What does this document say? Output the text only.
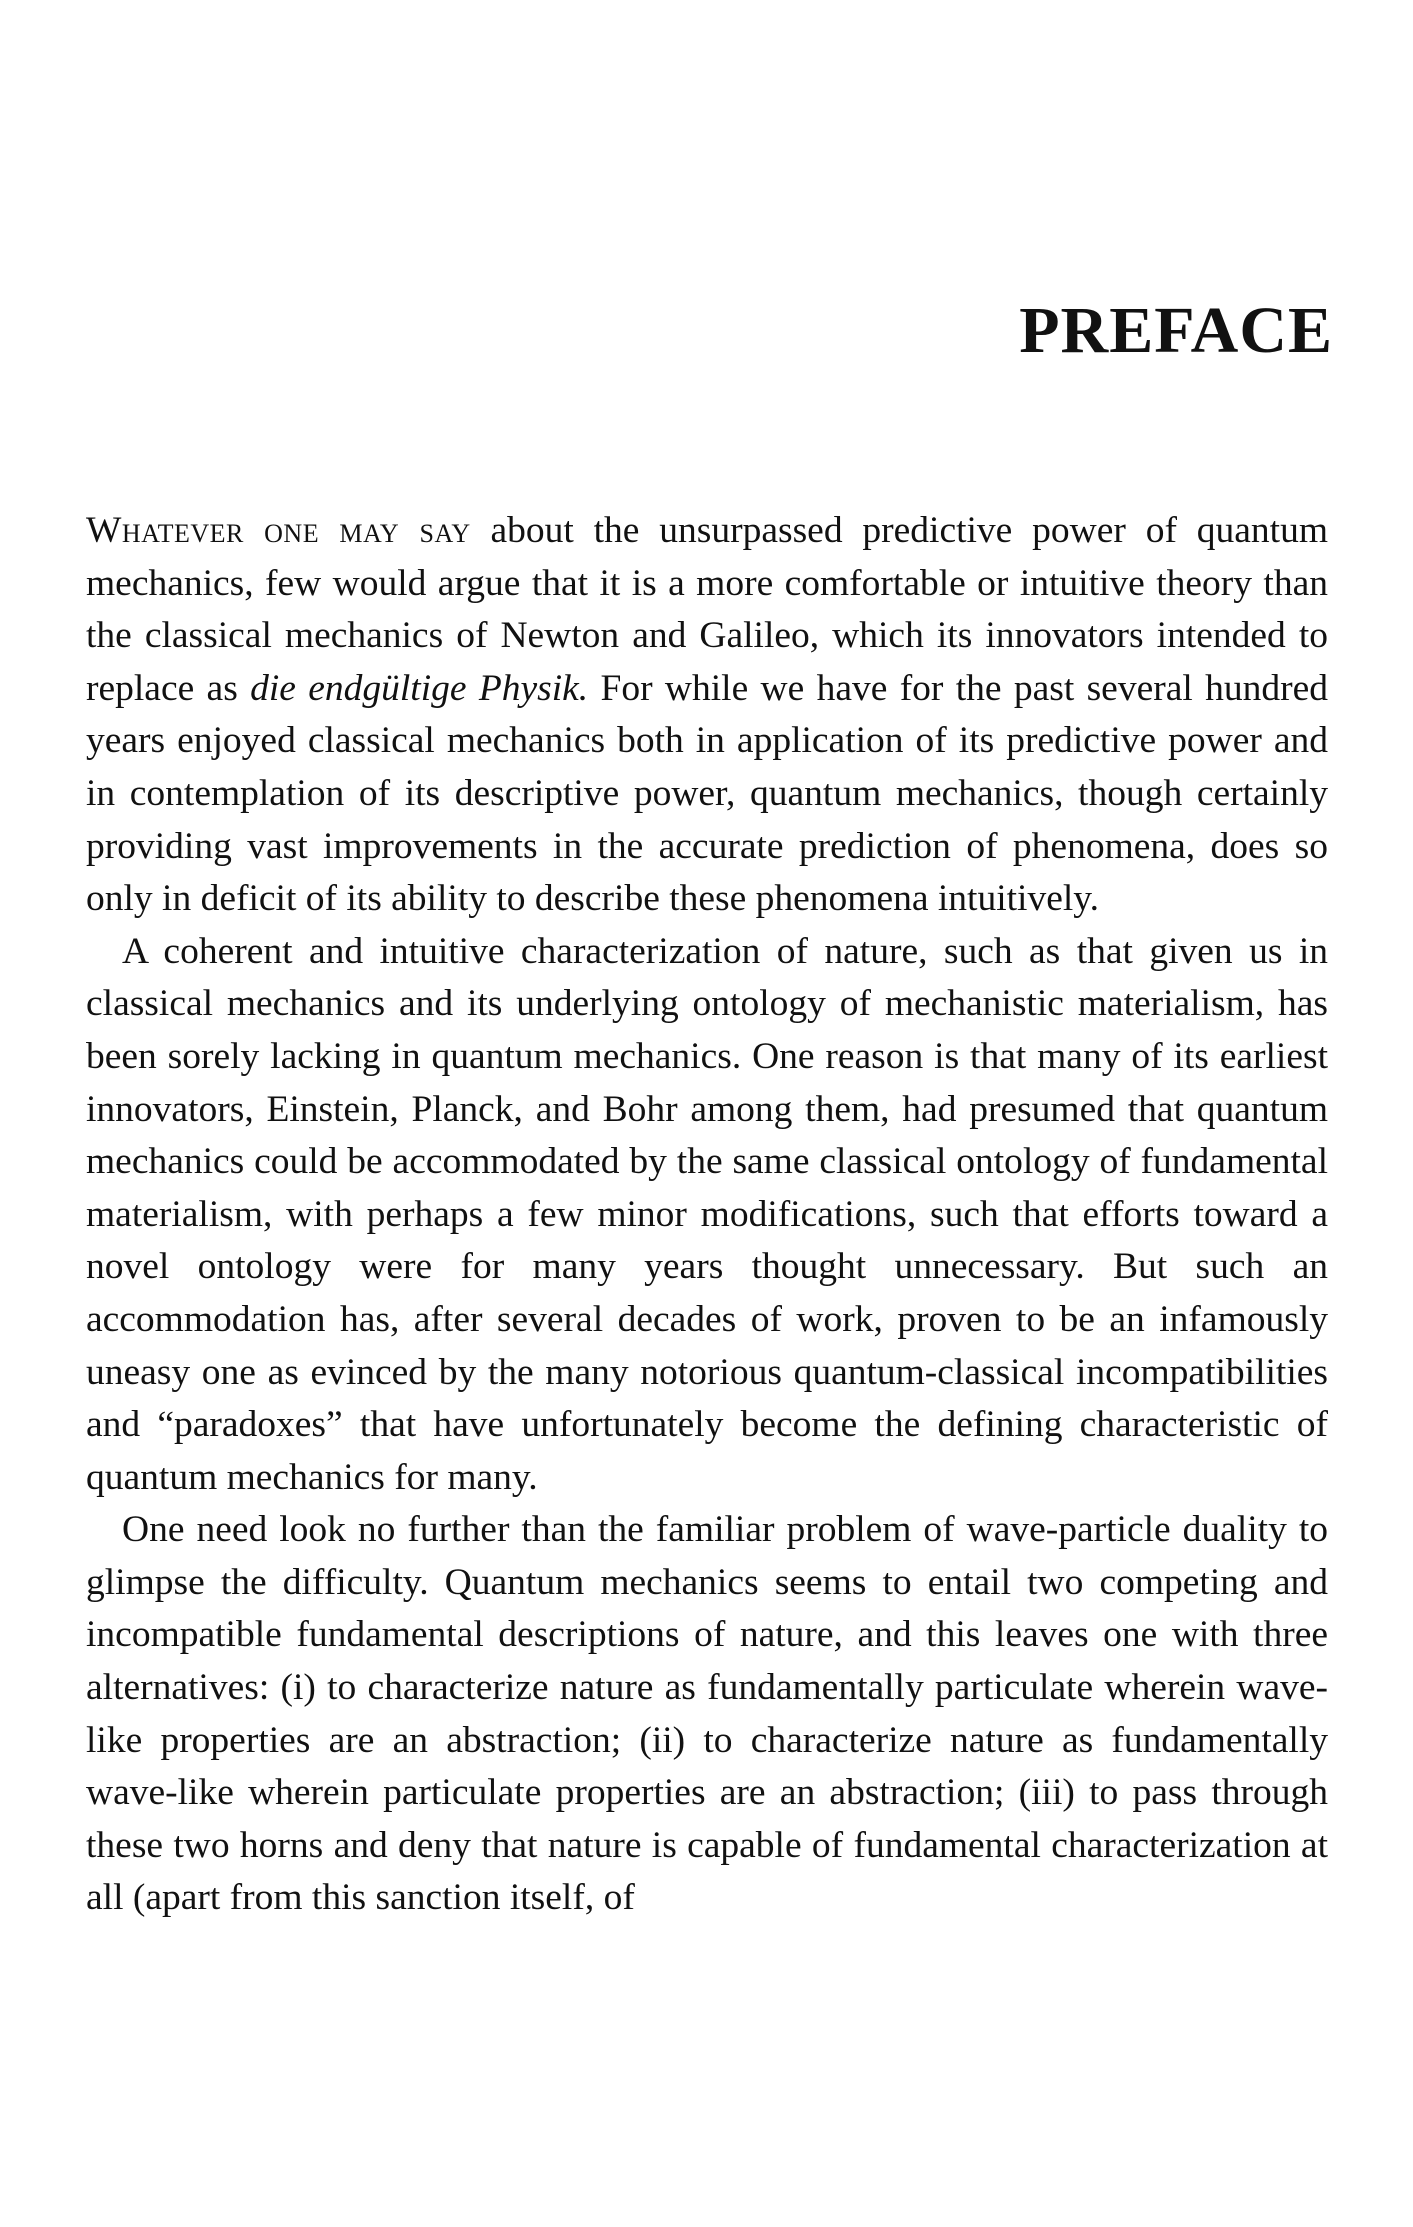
PREFACE

Whatever one may say about the unsurpassed predictive power of quantum mechanics, few would argue that it is a more comfortable or intuitive theory than the classical mechanics of Newton and Galileo, which its innovators intended to replace as die endgültige Physik. For while we have for the past several hundred years enjoyed classical mechanics both in application of its predictive power and in contemplation of its descriptive power, quantum mechanics, though certainly providing vast improvements in the accurate prediction of phenomena, does so only in deficit of its ability to describe these phenomena intuitively.

A coherent and intuitive characterization of nature, such as that given us in classical mechanics and its underlying ontology of mechanistic materialism, has been sorely lacking in quantum mechanics. One reason is that many of its earliest innovators, Einstein, Planck, and Bohr among them, had presumed that quantum mechanics could be accommodated by the same classical ontology of fundamental materialism, with perhaps a few minor modifications, such that efforts toward a novel ontology were for many years thought unnecessary. But such an accommodation has, after several decades of work, proven to be an infamously uneasy one as evinced by the many notorious quantum-classical incompatibilities and “paradoxes” that have unfortunately become the defining characteristic of quantum mechanics for many.

One need look no further than the familiar problem of wave-particle duality to glimpse the difficulty. Quantum mechanics seems to entail two competing and incompatible fundamental descriptions of nature, and this leaves one with three alternatives: (i) to characterize nature as fundamentally particulate wherein wave-like properties are an abstraction; (ii) to characterize nature as fundamentally wave-like wherein particulate properties are an abstraction; (iii) to pass through these two horns and deny that nature is capable of fundamental characterization at all (apart from this sanction itself, of
